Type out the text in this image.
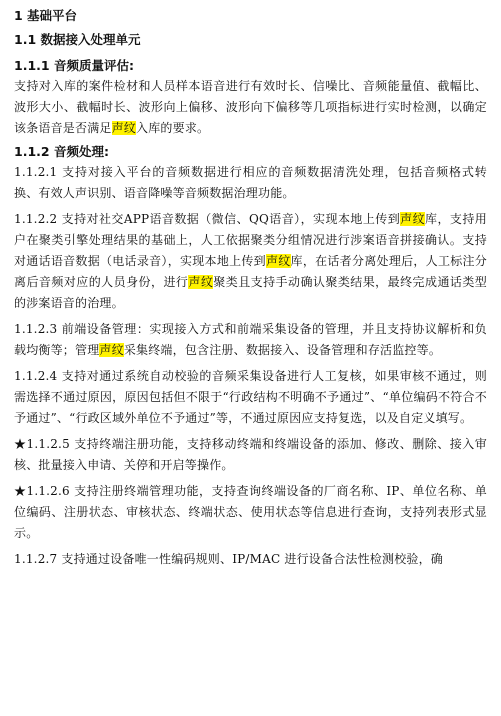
1 基础平台
1.1 数据接入处理单元
1.1.1 音频质量评估:

支持对入库的案件检材和人员样本语音进行有效时长、信噪比、音频能量值、截幅比、波形大小、截幅时长、波形向上偏移、波形向下偏移等几项指标进行实时检测，以确定该条语音是否满足声纹入库的要求。

1.1.2 音频处理:

1.1.2.1 支持对接入平台的音频数据进行相应的音频数据清洗处理，包括音频格式转换、有效人声识别、语音降噪等音频数据治理功能。

1.1.2.2 支持对社交APP语音数据（微信、QQ语音），实现本地上传到声纹库，支持用户在聚类引擎处理结果的基础上，人工依据聚类分组情况进行涉案语音拼接确认。支持对通话语音数据（电话录音），实现本地上传到声纹库，在话者分离处理后，人工标注分离后音频对应的人员身份，进行声纹聚类且支持手动确认聚类结果，最终完成通话类型的涉案语音的治理。

1.1.2.3 前端设备管理：实现接入方式和前端采集设备的管理，并且支持协议解析和负载均衡等；管理声纹采集终端，包含注册、数据接入、设备管理和存活监控等。

1.1.2.4 支持对通过系统自动校验的音频采集设备进行人工复核，如果审核不通过，则需选择不通过原因，原因包括但不限于“行政结构不明确不予通过”、“单位编码不符合不予通过”、“行政区域外单位不予通过”等，不通过原因应支持复选，以及自定义填写。

★1.1.2.5 支持终端注册功能，支持移动终端和终端设备的添加、修改、删除、接入审核、批量接入申请、关停和开启等操作。

★1.1.2.6 支持注册终端管理功能，支持查询终端设备的厂商名称、IP、单位名称、单位编码、注册状态、审核状态、终端状态、使用状态等信息进行查询，支持列表形式显示。

1.1.2.7 支持通过设备唯一性编码规则、IP/MAC 进行设备合法性检测校验，确
